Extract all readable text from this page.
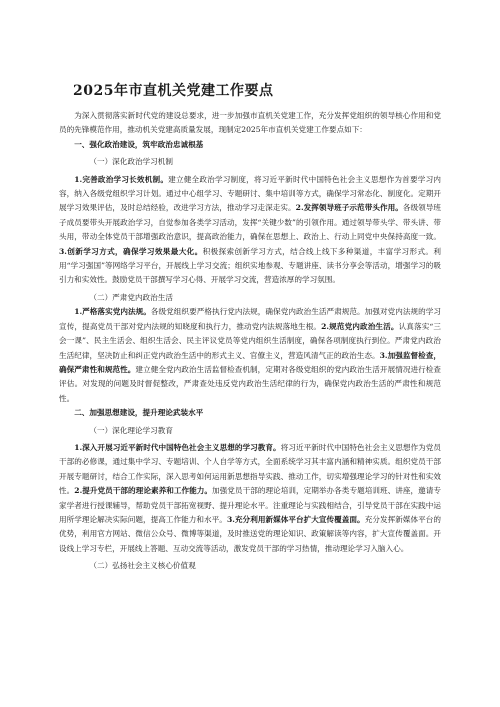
2025年市直机关党建工作要点

为深入贯彻落实新时代党的建设总要求，进一步加强市直机关党建工作，充分发挥党组织的领导核心作用和党员的先锋模范作用，推动机关党建高质量发展，现制定2025年市直机关党建工作要点如下：

一、强化政治建设，筑牢政治忠诚根基

（一）深化政治学习机制

1.完善政治学习长效机制。建立健全政治学习制度，将习近平新时代中国特色社会主义思想作为首要学习内容，纳入各级党组织学习计划。通过中心组学习、专题研讨、集中培训等方式，确保学习常态化、制度化。定期开展学习效果评估，及时总结经验，改进学习方法，推动学习走深走实。2.发挥领导班子示范带头作用。各级领导班子成员要带头开展政治学习，自觉参加各类学习活动，发挥“关键少数”的引领作用。通过领导带头学、带头讲、带头用，带动全体党员干部增强政治意识，提高政治能力，确保在思想上、政治上、行动上同党中央保持高度一致。3.创新学习方式，确保学习效果最大化。积极探索创新学习方式，结合线上线下多种渠道，丰富学习形式。利用“学习强国”等网络学习平台，开展线上学习交流；组织实地参观、专题讲座、读书分享会等活动，增强学习的吸引力和实效性。鼓励党员干部撰写学习心得、开展学习交流，营造浓厚的学习氛围。

（二）严肃党内政治生活

1.严格落实党内法规。各级党组织要严格执行党内法规，确保党内政治生活严肃规范。加强对党内法规的学习宣传，提高党员干部对党内法规的知晓度和执行力，推动党内法规落地生根。2.规范党内政治生活。认真落实“三会一课”、民主生活会、组织生活会、民主评议党员等党内组织生活制度，确保各项制度执行到位。严肃党内政治生活纪律，坚决防止和纠正党内政治生活中的形式主义、官僚主义，营造风清气正的政治生态。3.加强监督检查，确保严肃性和规范性。建立健全党内政治生活监督检查机制，定期对各级党组织的党内政治生活开展情况进行检查评估。对发现的问题及时督促整改，严肃查处违反党内政治生活纪律的行为，确保党内政治生活的严肃性和规范性。

二、加强思想建设，提升理论武装水平

（一）深化理论学习教育

1.深入开展习近平新时代中国特色社会主义思想的学习教育。将习近平新时代中国特色社会主义思想作为党员干部的必修课，通过集中学习、专题培训、个人自学等方式，全面系统学习其丰富内涵和精神实质。组织党员干部开展专题研讨，结合工作实际，深入思考如何运用新思想指导实践、推动工作，切实增强理论学习的针对性和实效性。2.提升党员干部的理论素养和工作能力。加强党员干部的理论培训，定期举办各类专题培训班、讲座，邀请专家学者进行授课辅导，帮助党员干部拓宽视野、提升理论水平。注重理论与实践相结合，引导党员干部在实践中运用所学理论解决实际问题，提高工作能力和水平。3.充分利用新媒体平台扩大宣传覆盖面。充分发挥新媒体平台的优势，利用官方网站、微信公众号、微博等渠道，及时推送党的理论知识、政策解读等内容，扩大宣传覆盖面。开设线上学习专栏，开展线上答题、互动交流等活动，激发党员干部的学习热情，推动理论学习入脑入心。

（二）弘扬社会主义核心价值观
